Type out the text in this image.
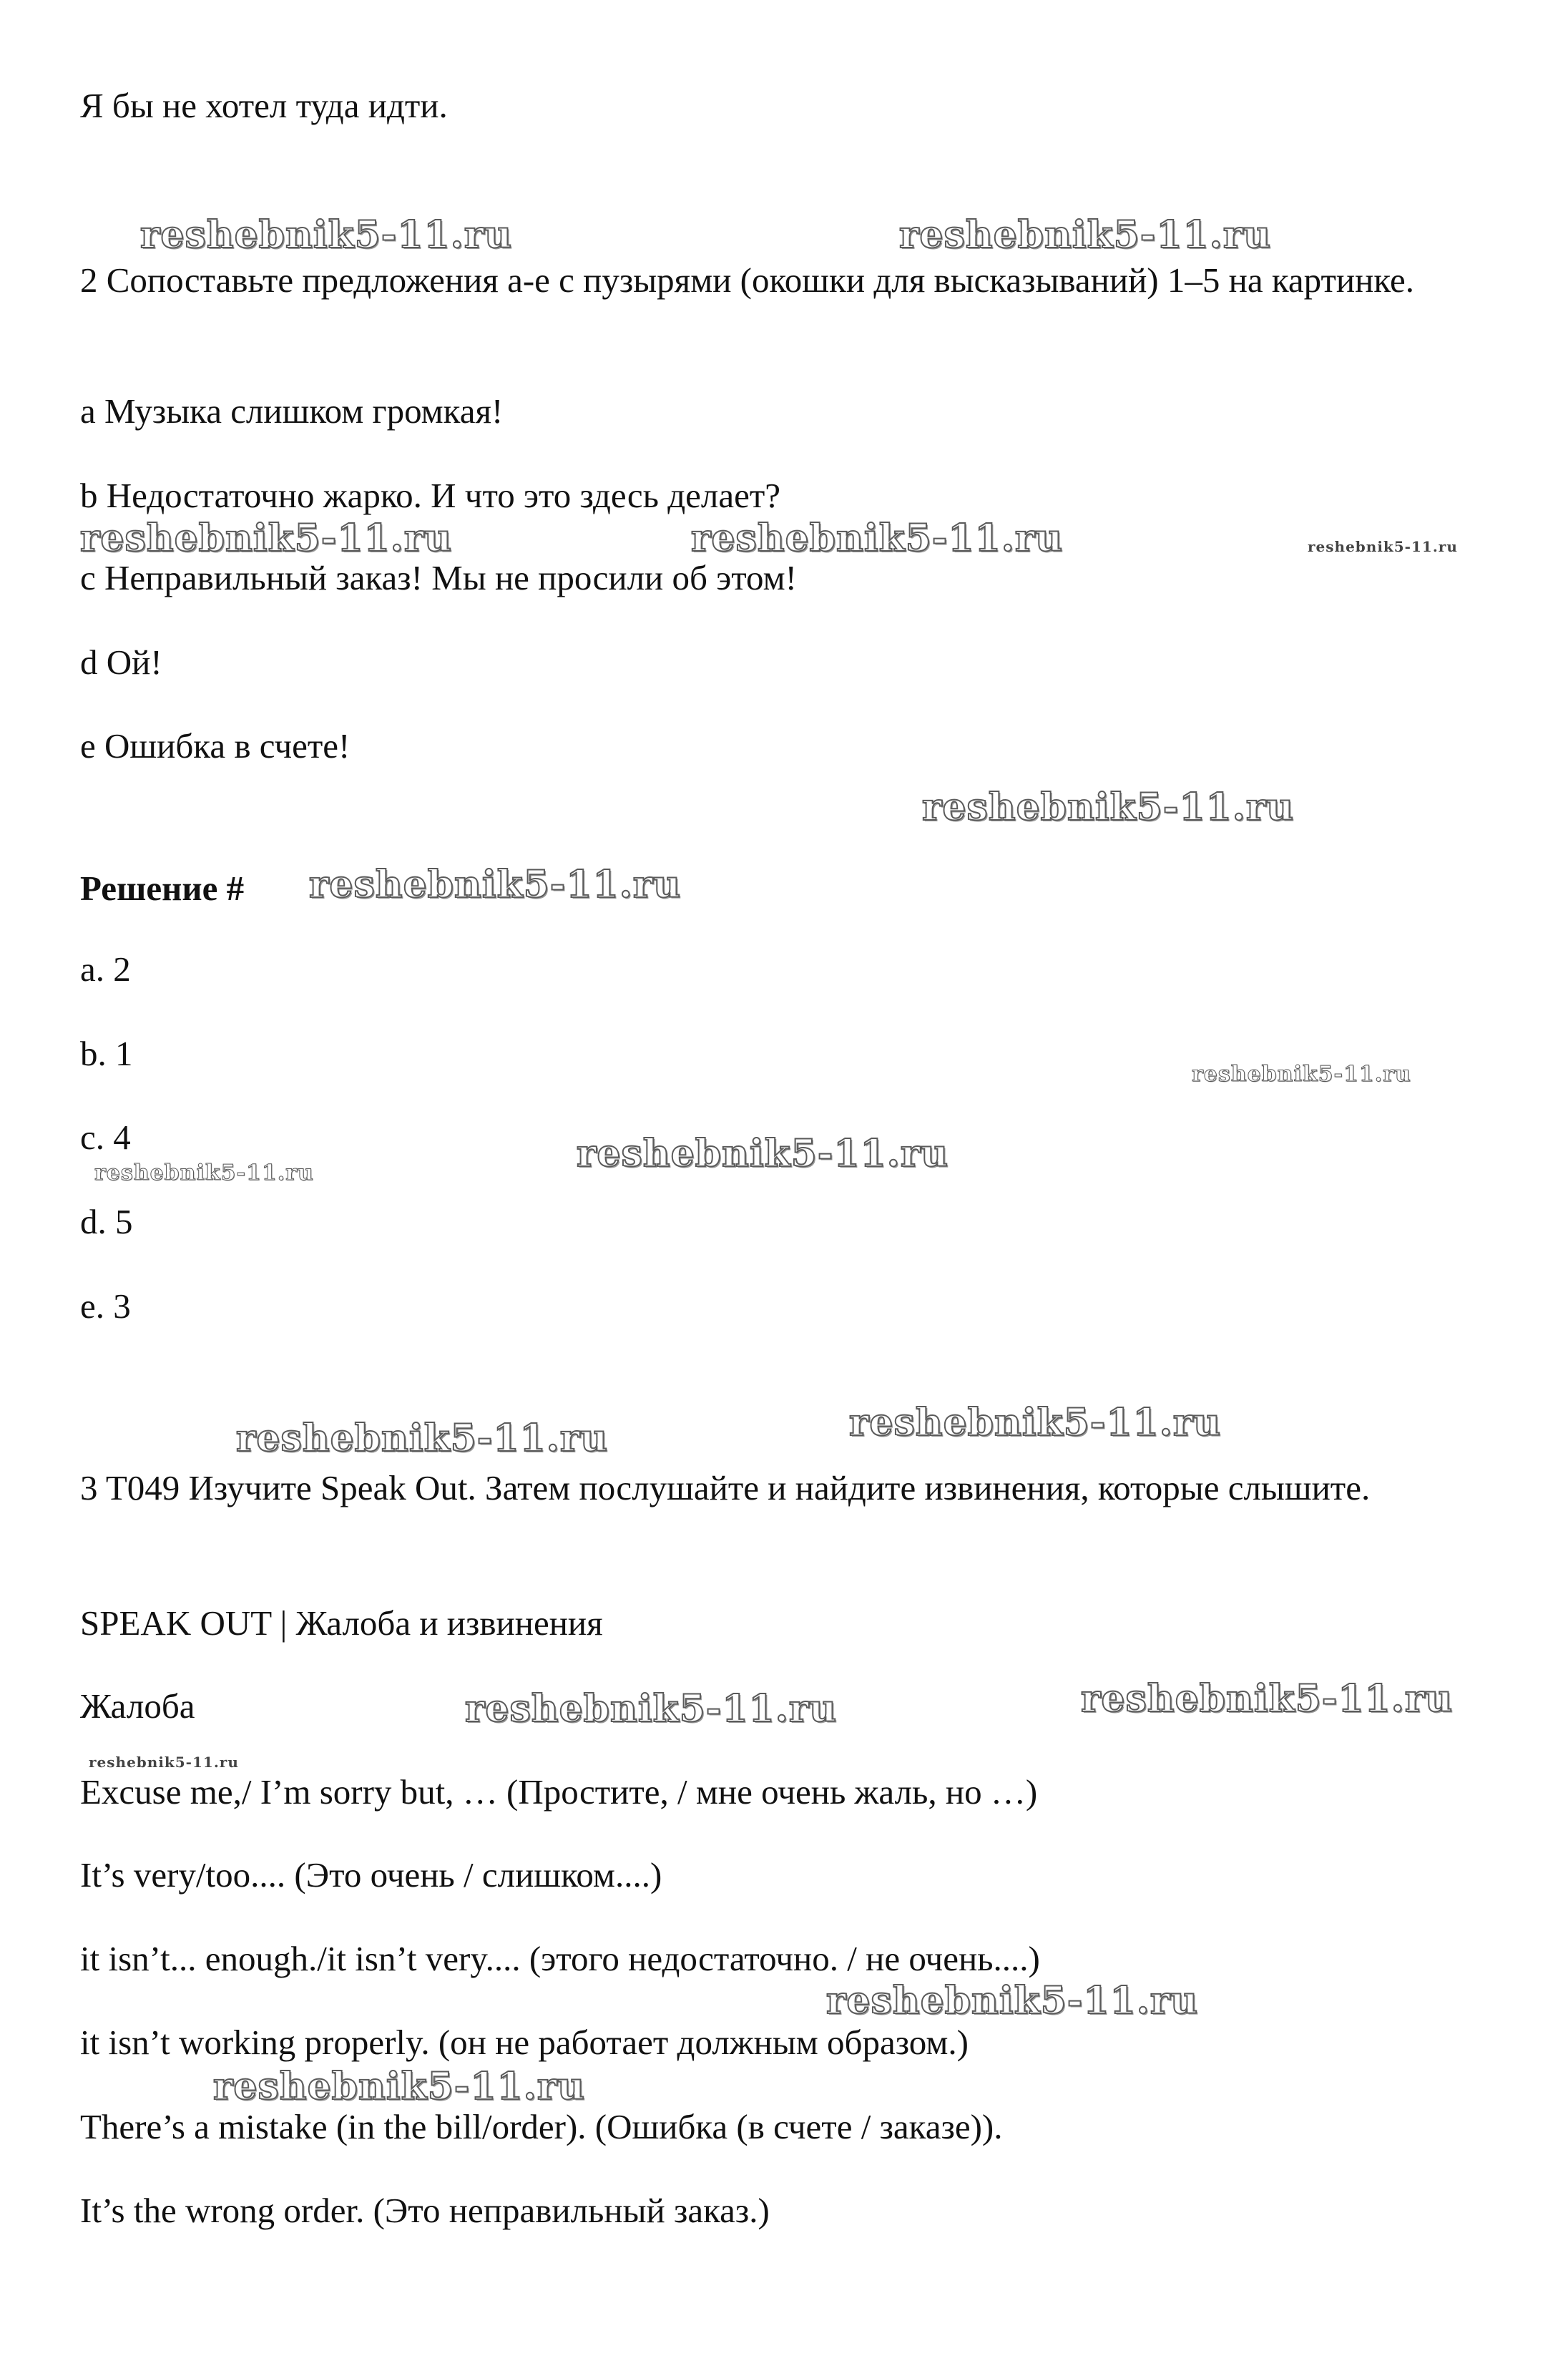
Я бы не хотел туда идти.
2 Сопоставьте предложения a-e с пузырями (окошки для высказываний) 1–5 на картинке.
a Музыка слишком громкая!
b Недостаточно жарко. И что это здесь делает?
c Неправильный заказ! Мы не просили об этом!
d Ой!
e Ошибка в счете!
Решение #
a. 2
b. 1
c. 4
d. 5
e. 3
3 T049 Изучите Speak Out. Затем послушайте и найдите извинения, которые слышите.
SPEAK OUT | Жалоба и извинения
Жалоба
Excuse me,/ I’m sorry but, … (Простите, / мне очень жаль, но …)
It’s very/too.... (Это очень / слишком....)
it isn’t... enough./it isn’t very.... (этого недостаточно. / не очень....)
it isn’t working properly. (он не работает должным образом.)
There’s a mistake (in the bill/order). (Ошибка (в счете / заказе)).
It’s the wrong order. (Это неправильный заказ.)
reshebnik5-11.ru	reshebnik5-11.ru
reshebnik5-11.ru	reshebnik5-11.ru	reshebnik5-11.ru
reshebnik5-11.ru
reshebnik5-11.ru
reshebnik5-11.ru
reshebnik5-11.ru
reshebnik5-11.ru
reshebnik5-11.ru	reshebnik5-11.ru
reshebnik5-11.ru	reshebnik5-11.ru
reshebnik5-11.ru
reshebnik5-11.ru
reshebnik5-11.ru
